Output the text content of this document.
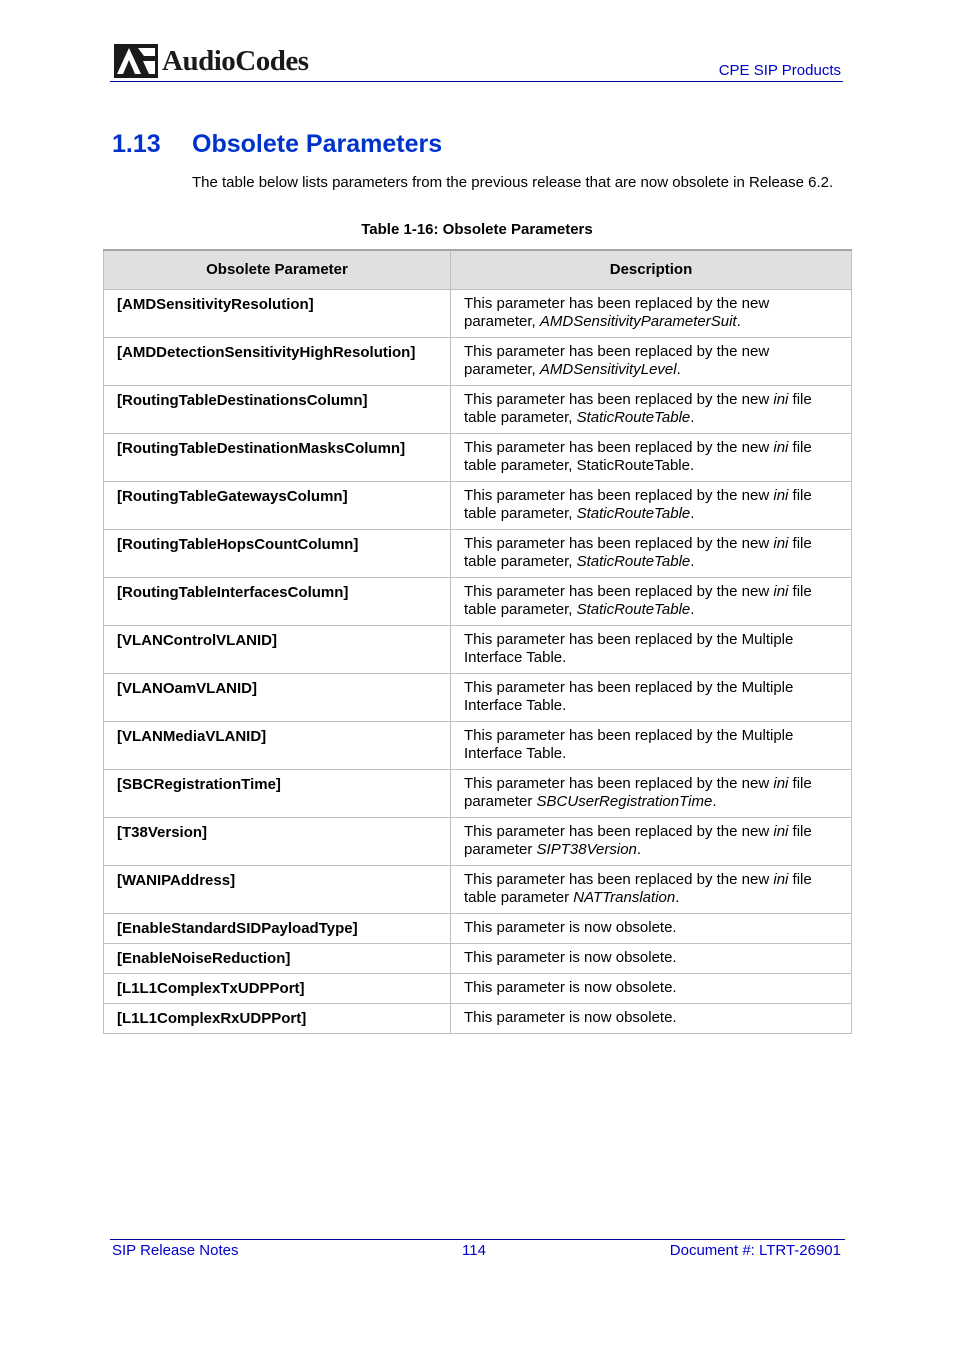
AudioCodes	CPE SIP Products
1.13 Obsolete Parameters
The table below lists parameters from the previous release that are now obsolete in Release 6.2.
Table 1-16: Obsolete Parameters
Obsolete Parameter	Description
[AMDSensitivityResolution]	This parameter has been replaced by the new parameter, AMDSensitivityParameterSuit.
[AMDDetectionSensitivityHighResolution]	This parameter has been replaced by the new parameter, AMDSensitivityLevel.
[RoutingTableDestinationsColumn]	This parameter has been replaced by the new ini file table parameter, StaticRouteTable.
[RoutingTableDestinationMasksColumn]	This parameter has been replaced by the new ini file table parameter, StaticRouteTable.
[RoutingTableGatewaysColumn]	This parameter has been replaced by the new ini file table parameter, StaticRouteTable.
[RoutingTableHopsCountColumn]	This parameter has been replaced by the new ini file table parameter, StaticRouteTable.
[RoutingTableInterfacesColumn]	This parameter has been replaced by the new ini file table parameter, StaticRouteTable.
[VLANControlVLANID]	This parameter has been replaced by the Multiple Interface Table.
[VLANOamVLANID]	This parameter has been replaced by the Multiple Interface Table.
[VLANMediaVLANID]	This parameter has been replaced by the Multiple Interface Table.
[SBCRegistrationTime]	This parameter has been replaced by the new ini file parameter SBCUserRegistrationTime.
[T38Version]	This parameter has been replaced by the new ini file parameter SIPT38Version.
[WANIPAddress]	This parameter has been replaced by the new ini file table parameter NATTranslation.
[EnableStandardSIDPayloadType]	This parameter is now obsolete.
[EnableNoiseReduction]	This parameter is now obsolete.
[L1L1ComplexTxUDPPort]	This parameter is now obsolete.
[L1L1ComplexRxUDPPort]	This parameter is now obsolete.
SIP Release Notes	114	Document #: LTRT-26901
